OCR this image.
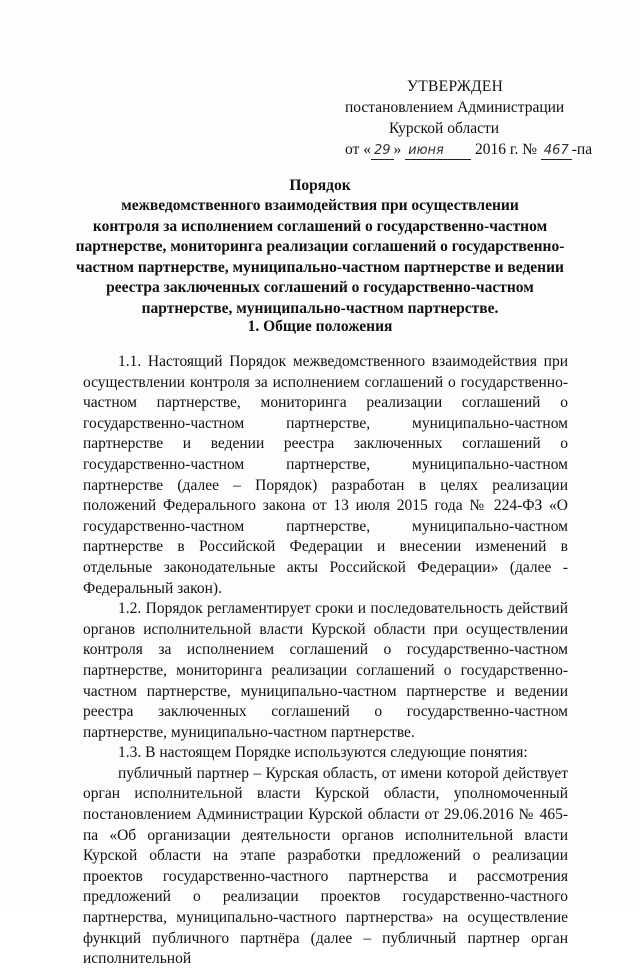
УТВЕРЖДЕН
постановлением Администрации
Курской области
от « 29 » июня 2016 г. № 467 -па
Порядок
межведомственного взаимодействия при осуществлении
контроля за исполнением соглашений о государственно-частном
партнерстве, мониторинга реализации соглашений о государственно-
частном партнерстве, муниципально-частном партнерстве и ведении
реестра заключенных соглашений о государственно-частном
партнерстве, муниципально-частном партнерстве.
1. Общие положения

1.1. Настоящий Порядок межведомственного взаимодействия при осуществлении контроля за исполнением соглашений о государственно-частном партнерстве, мониторинга реализации соглашений о государственно-частном партнерстве, муниципально-частном партнерстве и ведении реестра заключенных соглашений о государственно-частном партнерстве, муниципально-частном партнерстве (далее – Порядок) разработан в целях реализации положений Федерального закона от 13 июля 2015 года № 224-ФЗ «О государственно-частном партнерстве, муниципально-частном партнерстве в Российской Федерации и внесении изменений в отдельные законодательные акты Российской Федерации» (далее - Федеральный закон).

1.2. Порядок регламентирует сроки и последовательность действий органов исполнительной власти Курской области при осуществлении контроля за исполнением соглашений о государственно-частном партнерстве, мониторинга реализации соглашений о государственно-частном партнерстве, муниципально-частном партнерстве и ведении реестра заключенных соглашений о государственно-частном партнерстве, муниципально-частном партнерстве.

1.3. В настоящем Порядке используются следующие понятия:

публичный партнер – Курская область, от имени которой действует орган исполнительной власти Курской области, уполномоченный постановлением Администрации Курской области от 29.06.2016 № 465-па «Об организации деятельности органов исполнительной власти Курской области на этапе разработки предложений о реализации проектов государственно-частного партнерства и рассмотрения предложений о реализации проектов государственно-частного партнерства, муниципально-частного партнерства» на осуществление функций публичного партнёра (далее – публичный партнер орган исполнительной
